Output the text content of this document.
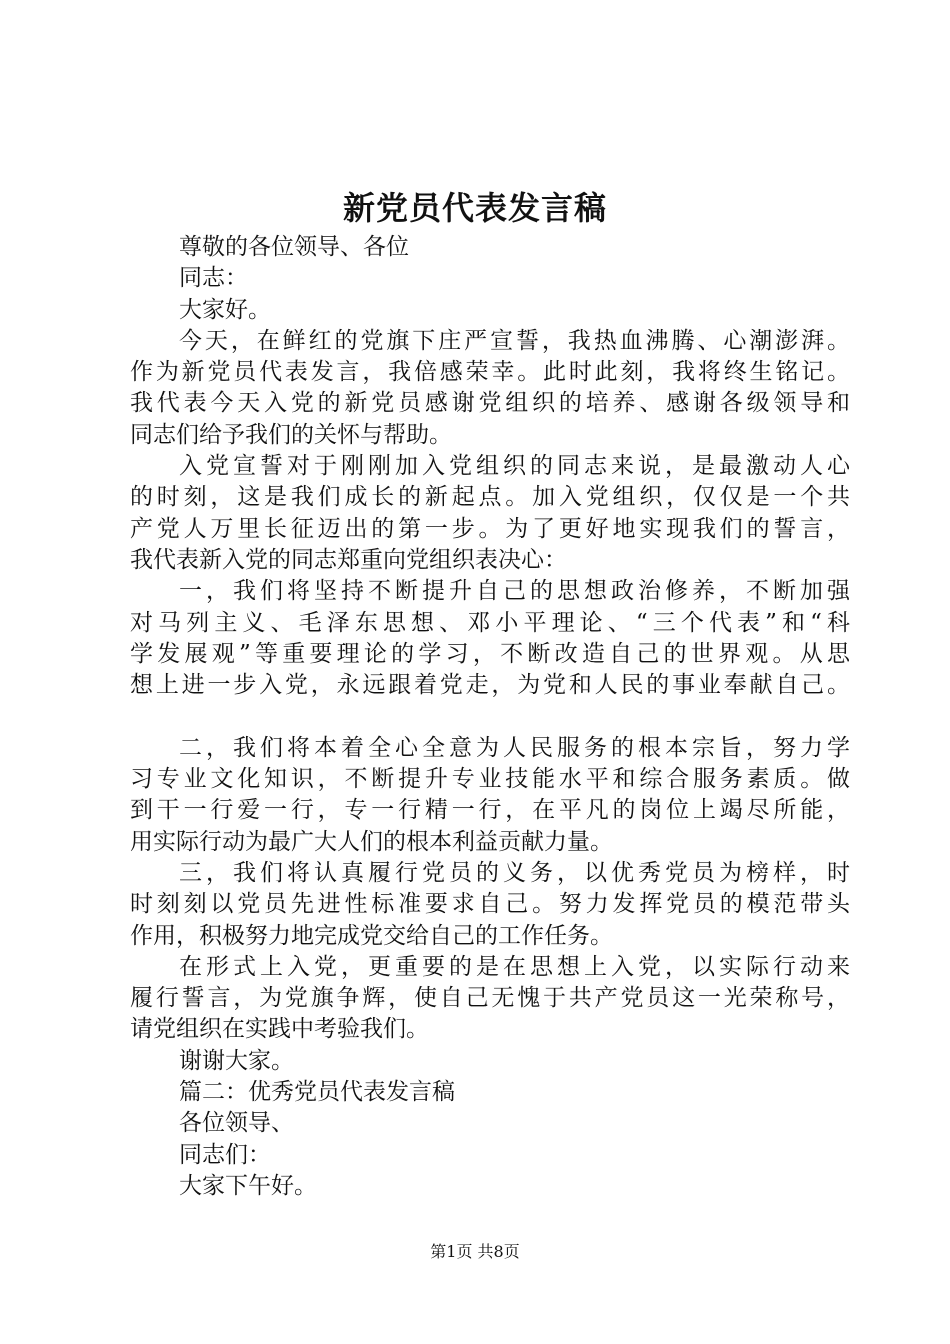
新党员代表发言稿
尊敬的各位领导、各位
同志：
大家好。
今天，在鲜红的党旗下庄严宣誓，我热血沸腾、心潮澎湃。
作为新党员代表发言，我倍感荣幸。此时此刻，我将终生铭记。
我代表今天入党的新党员感谢党组织的培养、感谢各级领导和
同志们给予我们的关怀与帮助。
入党宣誓对于刚刚加入党组织的同志来说，是最激动人心
的时刻，这是我们成长的新起点。加入党组织，仅仅是一个共
产党人万里长征迈出的第一步。为了更好地实现我们的誓言，
我代表新入党的同志郑重向党组织表决心：
一，我们将坚持不断提升自己的思想政治修养，不断加强
对马列主义、毛泽东思想、邓小平理论、“三个代表”和“科
学发展观”等重要理论的学习，不断改造自己的世界观。从思
想上进一步入党，永远跟着党走，为党和人民的事业奉献自己。
二，我们将本着全心全意为人民服务的根本宗旨，努力学
习专业文化知识，不断提升专业技能水平和综合服务素质。做
到干一行爱一行，专一行精一行，在平凡的岗位上竭尽所能，
用实际行动为最广大人们的根本利益贡献力量。
三，我们将认真履行党员的义务，以优秀党员为榜样，时
时刻刻以党员先进性标准要求自己。努力发挥党员的模范带头
作用，积极努力地完成党交给自己的工作任务。
在形式上入党，更重要的是在思想上入党，以实际行动来
履行誓言，为党旗争辉，使自己无愧于共产党员这一光荣称号，
请党组织在实践中考验我们。
谢谢大家。
篇二：优秀党员代表发言稿
各位领导、
同志们：
大家下午好。
第1页 共8页
